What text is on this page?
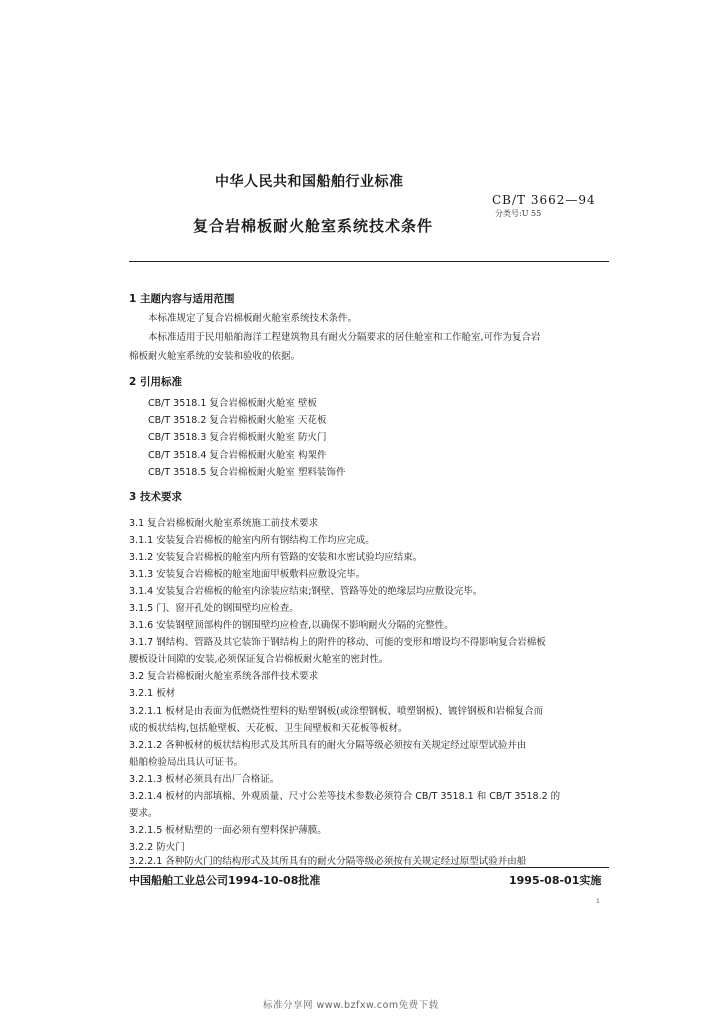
中华人民共和国船舶行业标准
CB/T 3662—94
分类号:U 55
复合岩棉板耐火舱室系统技术条件
1 主题内容与适用范围
本标准规定了复合岩棉板耐火舱室系统技术条件。
本标准适用于民用船舶海洋工程建筑物具有耐火分隔要求的居住舱室和工作舱室,可作为复合岩
棉板耐火舱室系统的安装和验收的依据。
2 引用标准
CB/T 3518.1 复合岩棉板耐火舱室 壁板
CB/T 3518.2 复合岩棉板耐火舱室 天花板
CB/T 3518.3 复合岩棉板耐火舱室 防火门
CB/T 3518.4 复合岩棉板耐火舱室 构架件
CB/T 3518.5 复合岩棉板耐火舱室 塑料装饰件
3 技术要求
3.1 复合岩棉板耐火舱室系统施工前技术要求
3.1.1 安装复合岩棉板的舱室内所有钢结构工作均应完成。
3.1.2 安装复合岩棉板的舱室内所有管路的安装和水密试验均应结束。
3.1.3 安装复合岩棉板的舱室地面甲板敷料应敷设完毕。
3.1.4 安装复合岩棉板的舱室内涂装应结束;钢壁、管路等处的绝缘层均应敷设完毕。
3.1.5 门、窗开孔处的钢围壁均应检查。
3.1.6 安装钢壁顶部构件的钢围壁均应检查,以确保不影响耐火分隔的完整性。
3.1.7 钢结构、管路及其它装饰于钢结构上的附件的移动、可能的变形和增设均不得影响复合岩棉板
腰板设计间隙的安装,必须保证复合岩棉板耐火舱室的密封性。
3.2 复合岩棉板耐火舱室系统各部件技术要求
3.2.1 板材
3.2.1.1 板材是由表面为低燃烧性塑料的贴塑钢板(或涂塑钢板、喷塑钢板)、镀锌钢板和岩棉复合而
成的板状结构,包括舱壁板、天花板、卫生间壁板和天花板等板材。
3.2.1.2 各种板材的板状结构形式及其所具有的耐火分隔等级必须按有关规定经过原型试验并由
船舶检验局出具认可证书。
3.2.1.3 板材必须具有出厂合格证。
3.2.1.4 板材的内部填棉、外观质量、尺寸公差等技术参数必须符合 CB/T 3518.1 和 CB/T 3518.2 的
要求。
3.2.1.5 板材贴塑的一面必须有塑料保护薄膜。
3.2.2 防火门
3.2.2.1 各种防火门的结构形式及其所具有的耐火分隔等级必须按有关规定经过原型试验并由船
中国船舶工业总公司1994-10-08批准	1995-08-01实施
1
标准分享网 www.bzfxw.com免费下载
